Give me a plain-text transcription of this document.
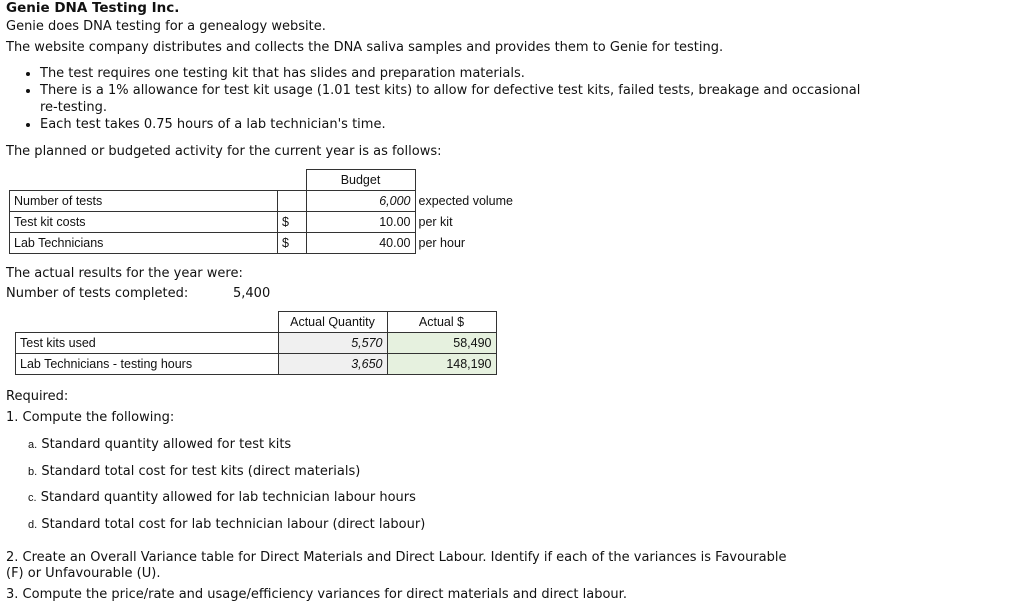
Genie DNA Testing Inc.
Genie does DNA testing for a genealogy website.
The website company distributes and collects the DNA saliva samples and provides them to Genie for testing.
• The test requires one testing kit that has slides and preparation materials.
• There is a 1% allowance for test kit usage (1.01 test kits) to allow for defective test kits, failed tests, breakage and occasional re-testing.
• Each test takes 0.75 hours of a lab technician's time.
The planned or budgeted activity for the current year is as follows:
		Budget	
Number of tests		6,000	expected volume
Test kit costs	$	10.00	per kit
Lab Technicians	$	40.00	per hour
The actual results for the year were:
Number of tests completed:	5,400
	Actual Quantity	Actual $
Test kits used	5,570	58,490
Lab Technicians - testing hours	3,650	148,190
Required:
1. Compute the following:
a. Standard quantity allowed for test kits
b. Standard total cost for test kits (direct materials)
c. Standard quantity allowed for lab technician labour hours
d. Standard total cost for lab technician labour (direct labour)
2. Create an Overall Variance table for Direct Materials and Direct Labour. Identify if each of the variances is Favourable
(F) or Unfavourable (U).
3. Compute the price/rate and usage/efficiency variances for direct materials and direct labour.
